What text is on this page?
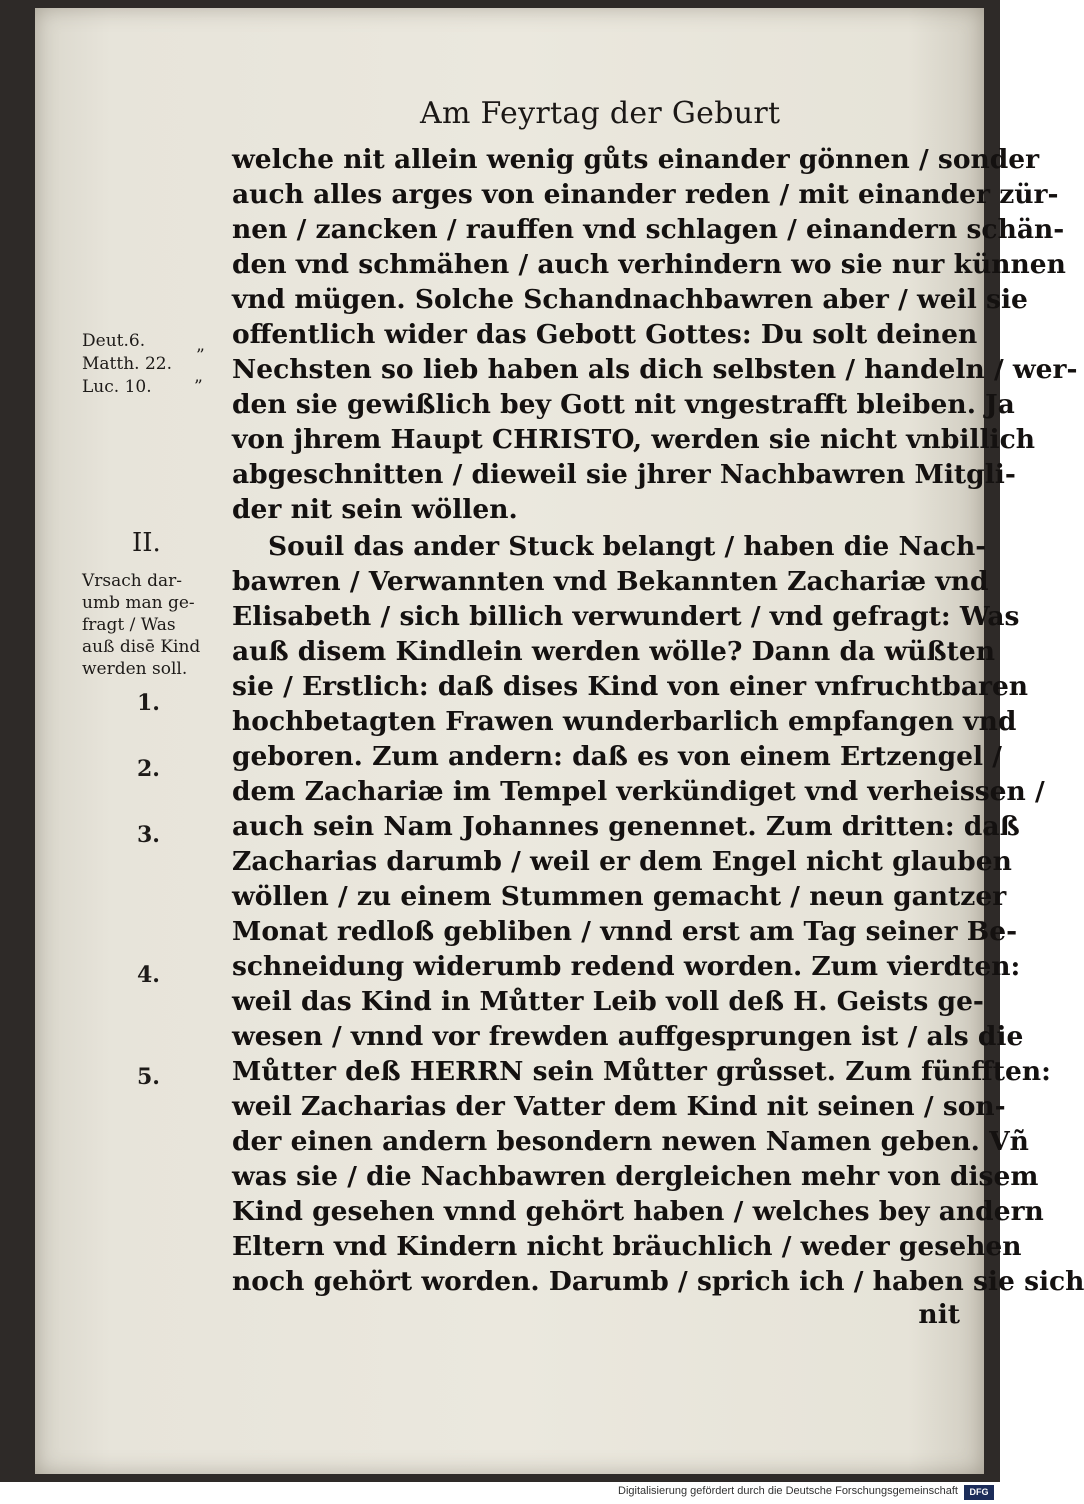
Am Feyrtag der Geburt
welche nit allein wenig gůts einander gönnen / sonder
auch alles arges von einander reden / mit einander zür-
nen / zancken / rauffen vnd schlagen / einandern schän-
den vnd schmähen / auch verhindern wo sie nur künnen
vnd mügen. Solche Schandnachbawren aber / weil sie
offentlich wider das Gebott Gottes: Du solt deinen
Nechsten so lieb haben als dich selbsten / handeln / wer-
den sie gewißlich bey Gott nit vngestrafft bleiben. Ja
von jhrem Haupt CHRISTO, werden sie nicht vnbillich
abgeschnitten / dieweil sie jhrer Nachbawren Mitgli-
der nit sein wöllen.
Souil das ander Stuck belangt / haben die Nach-
bawren / Verwannten vnd Bekannten Zachariæ vnd
Elisabeth / sich billich verwundert / vnd gefragt: Was
auß disem Kindlein werden wölle? Dann da wüßten
sie / Erstlich: daß dises Kind von einer vnfruchtbaren
hochbetagten Frawen wunderbarlich empfangen vnd
geboren. Zum andern: daß es von einem Ertzengel /
dem Zachariæ im Tempel verkündiget vnd verheissen /
auch sein Nam Johannes genennet. Zum dritten: daß
Zacharias darumb / weil er dem Engel nicht glauben
wöllen / zu einem Stummen gemacht / neun gantzer
Monat redloß gebliben / vnnd erst am Tag seiner Be-
schneidung widerumb redend worden. Zum vierdten:
weil das Kind in Můtter Leib voll deß H. Geists ge-
wesen / vnnd vor frewden auffgesprungen ist / als die
Můtter deß HERRN sein Můtter grůsset. Zum fünfften:
weil Zacharias der Vatter dem Kind nit seinen / son-
der einen andern besondern newen Namen geben. Vñ
was sie / die Nachbawren dergleichen mehr von disem
Kind gesehen vnnd gehört haben / welches bey andern
Eltern vnd Kindern nicht bräuchlich / weder gesehen
noch gehört worden. Darumb / sprich ich / haben sie sich
nit
Deut.6.
Matth. 22.
Luc. 10.
”
”
II.
Vrsach dar-
umb man ge-
fragt / Was
auß disē Kind
werden soll.
1.
2.
3.
4.
5.
Digitalisierung gefördert durch die Deutsche Forschungsgemeinschaft	DFG
